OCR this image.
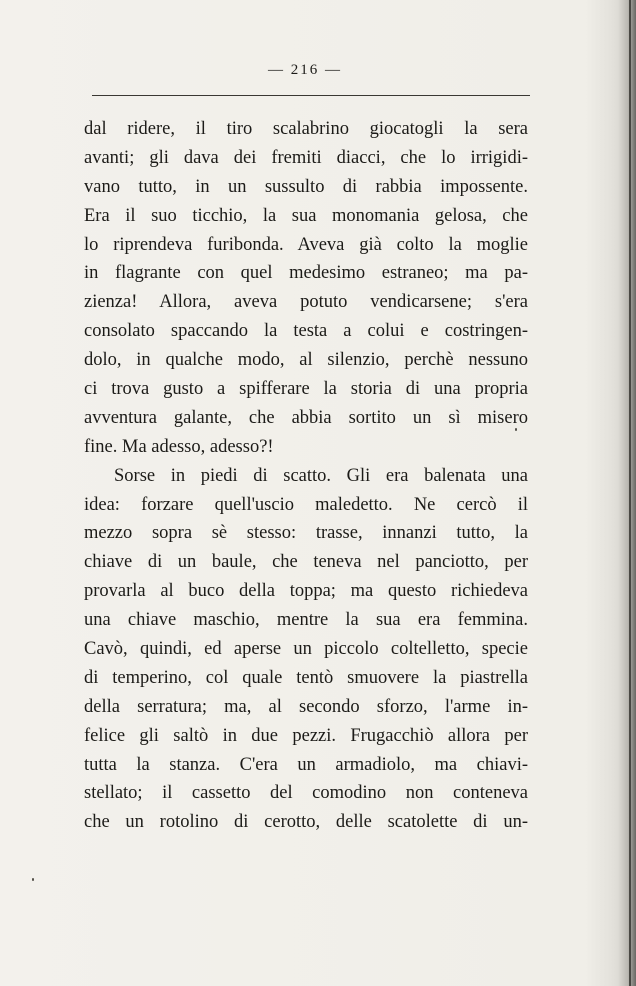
— 216 —
dal ridere, il tiro scalabrino giocatogli la sera
avanti; gli dava dei fremiti diacci, che lo irrigidi-
vano tutto, in un sussulto di rabbia impossente.
Era il suo ticchio, la sua monomania gelosa, che
lo riprendeva furibonda. Aveva già colto la moglie
in flagrante con quel medesimo estraneo; ma pa-
zienza! Allora, aveva potuto vendicarsene; s'era
consolato spaccando la testa a colui e costringen-
dolo, in qualche modo, al silenzio, perchè nessuno
ci trova gusto a spifferare la storia di una propria
avventura galante, che abbia sortito un sì misero
fine. Ma adesso, adesso?!
Sorse in piedi di scatto. Gli era balenata una
idea: forzare quell'uscio maledetto. Ne cercò il
mezzo sopra sè stesso: trasse, innanzi tutto, la
chiave di un baule, che teneva nel panciotto, per
provarla al buco della toppa; ma questo richiedeva
una chiave maschio, mentre la sua era femmina.
Cavò, quindi, ed aperse un piccolo coltelletto, specie
di temperino, col quale tentò smuovere la piastrella
della serratura; ma, al secondo sforzo, l'arme in-
felice gli saltò in due pezzi. Frugacchiò allora per
tutta la stanza. C'era un armadiolo, ma chiavi-
stellato; il cassetto del comodino non conteneva
che un rotolino di cerotto, delle scatolette di un-
